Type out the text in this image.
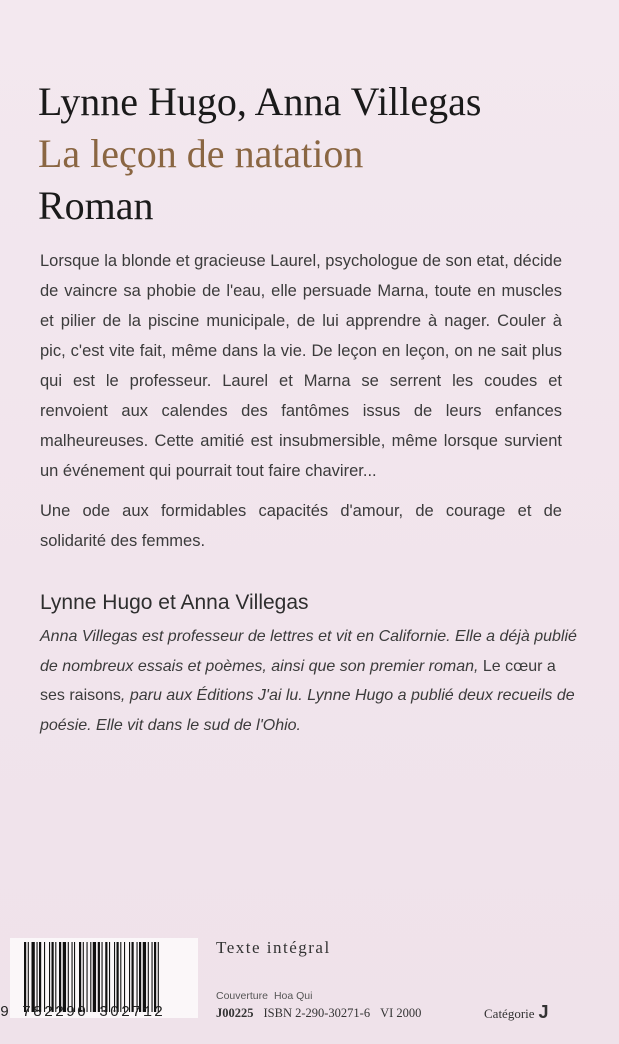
Lynne Hugo, Anna Villegas
La leçon de natation
Roman

Lorsque la blonde et gracieuse Laurel, psychologue de son etat, décide de vaincre sa phobie de l'eau, elle persuade Marna, toute en muscles et pilier de la piscine municipale, de lui apprendre à nager. Couler à pic, c'est vite fait, même dans la vie. De leçon en leçon, on ne sait plus qui est le professeur. Laurel et Marna se serrent les coudes et renvoient aux calendes des fantômes issus de leurs enfances malheureuses. Cette amitié est insubmersible, même lorsque survient un événement qui pourrait tout faire chavirer...

Une ode aux formidables capacités d'amour, de courage et de solidarité des femmes.

Lynne Hugo et Anna Villegas
Anna Villegas est professeur de lettres et vit en Californie. Elle a déjà publié de nombreux essais et poèmes, ainsi que son premier roman, Le cœur a ses raisons, paru aux Éditions J'ai lu. Lynne Hugo a publié deux recueils de poésie. Elle vit dans le sud de l'Ohio.
9 782290 302712
Texte intégral
Couverture Hoa Qui
J00225 ISBN 2-290-30271-6 VI 2000	Catégorie J
